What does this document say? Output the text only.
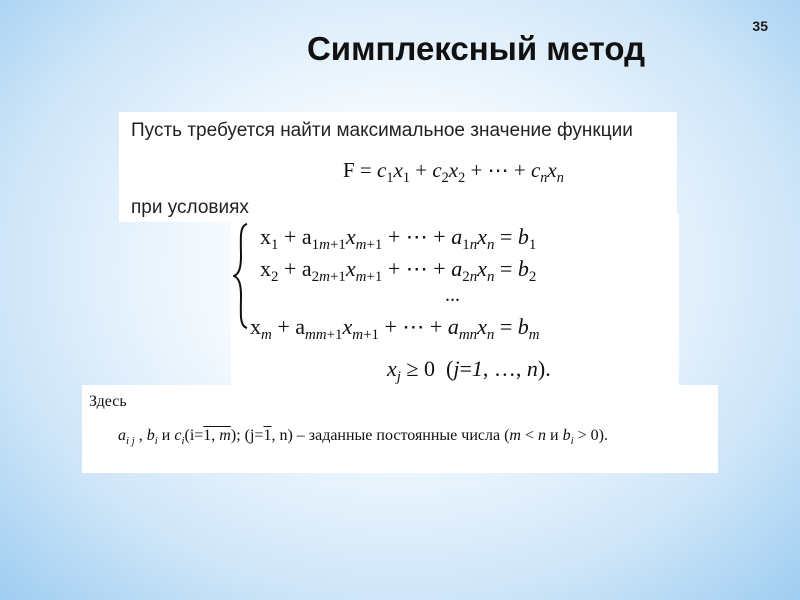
35
Симплексный метод
Пусть требуется найти максимальное значение функции
$F = c_1x_1 + c_2x_2$ + ⋯ + $c_nx_n$
при условиях
$x_1 + a_{1m+1}x_{m+1}$ + ⋯ + $a_{1n}x_n = b_1$
$x_2 + a_{2m+1}x_{m+1}$ + ⋯ + $a_{2n}x_n = b_2$
...
$x_m + a_{mm+1}x_{m+1}$ + ⋯ + $a_{mn}x_n = b_m$
$x_j \ge 0$  (j=1, …, n).
Здесь
$a_{i j}$ , $b_i$ и $c_i(i=1$, m); (j=1, n) – заданные постоянные числа (m < n и $b_i > 0$).
